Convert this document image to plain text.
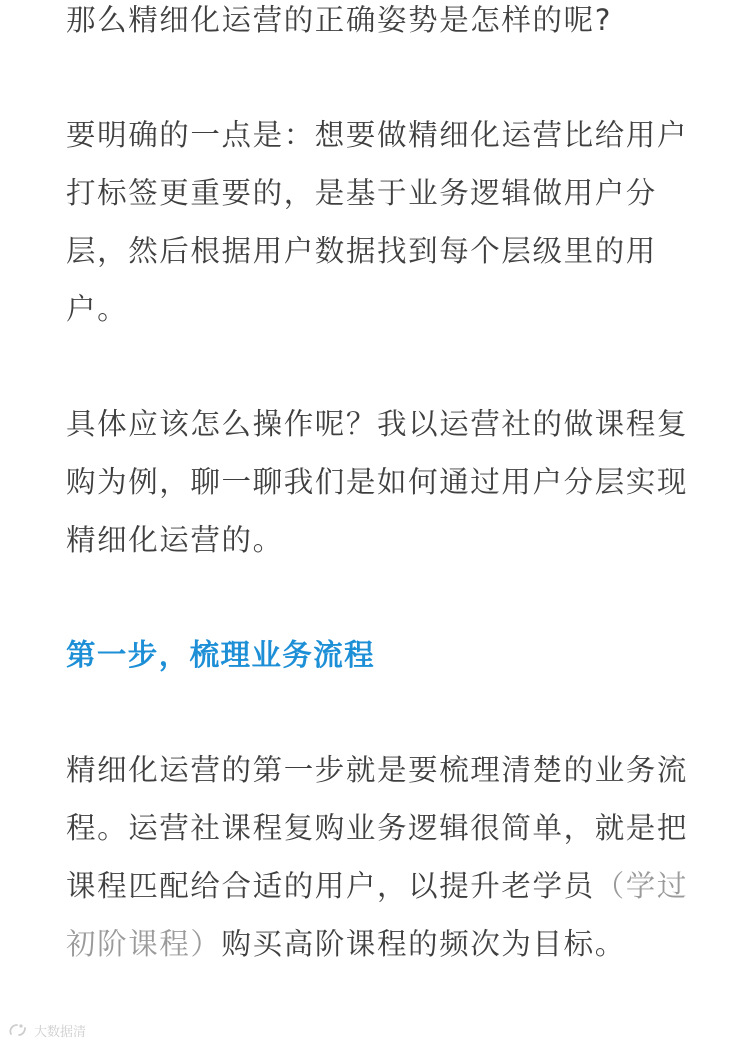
那么精细化运营的正确姿势是怎样的呢?

要明确的一点是：想要做精细化运营比给用户打标签更重要的，是基于业务逻辑做用户分层，然后根据用户数据找到每个层级里的用户。

具体应该怎么操作呢？我以运营社的做课程复购为例，聊一聊我们是如何通过用户分层实现精细化运营的。

第一步，梳理业务流程

精细化运营的第一步就是要梳理清楚的业务流程。运营社课程复购业务逻辑很简单，就是把课程匹配给合适的用户，以提升老学员（学过初阶课程）购买高阶课程的频次为目标。

大数据清
